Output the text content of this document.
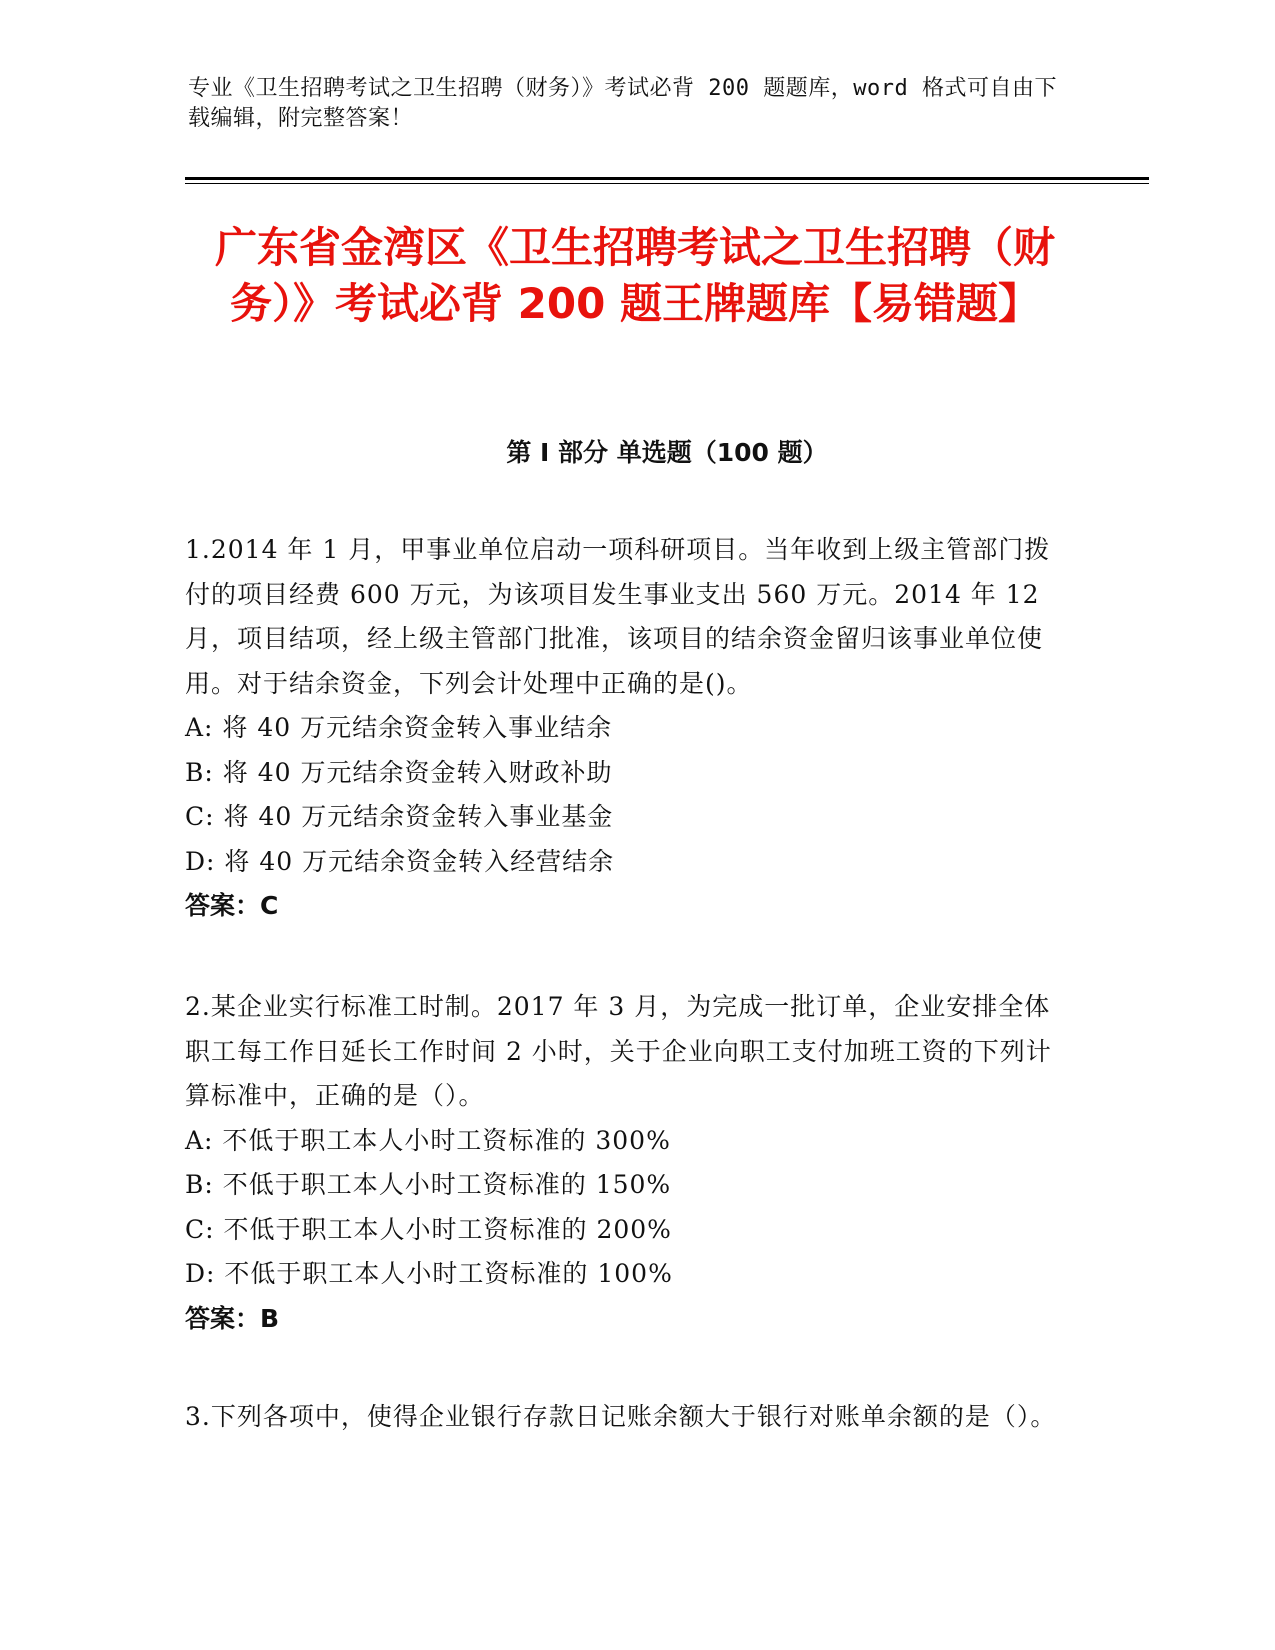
专业《卫生招聘考试之卫生招聘（财务）》考试必背 200 题题库，word 格式可自由下载编辑，附完整答案！
广东省金湾区《卫生招聘考试之卫生招聘（财务）》考试必背 200 题王牌题库【易错题】
第 I 部分 单选题（100 题）
1.2014 年 1 月，甲事业单位启动一项科研项目。当年收到上级主管部门拨付的项目经费 600 万元，为该项目发生事业支出 560 万元。2014 年 12 月，项目结项，经上级主管部门批准，该项目的结余资金留归该事业单位使用。对于结余资金，下列会计处理中正确的是()。
A: 将 40 万元结余资金转入事业结余
B: 将 40 万元结余资金转入财政补助
C: 将 40 万元结余资金转入事业基金
D: 将 40 万元结余资金转入经营结余
答案：C
2.某企业实行标准工时制。2017 年 3 月，为完成一批订单，企业安排全体职工每工作日延长工作时间 2 小时，关于企业向职工支付加班工资的下列计算标准中，正确的是（）。
A: 不低于职工本人小时工资标准的 300%
B: 不低于职工本人小时工资标准的 150%
C: 不低于职工本人小时工资标准的 200%
D: 不低于职工本人小时工资标准的 100%
答案：B
3.下列各项中，使得企业银行存款日记账余额大于银行对账单余额的是（）。
